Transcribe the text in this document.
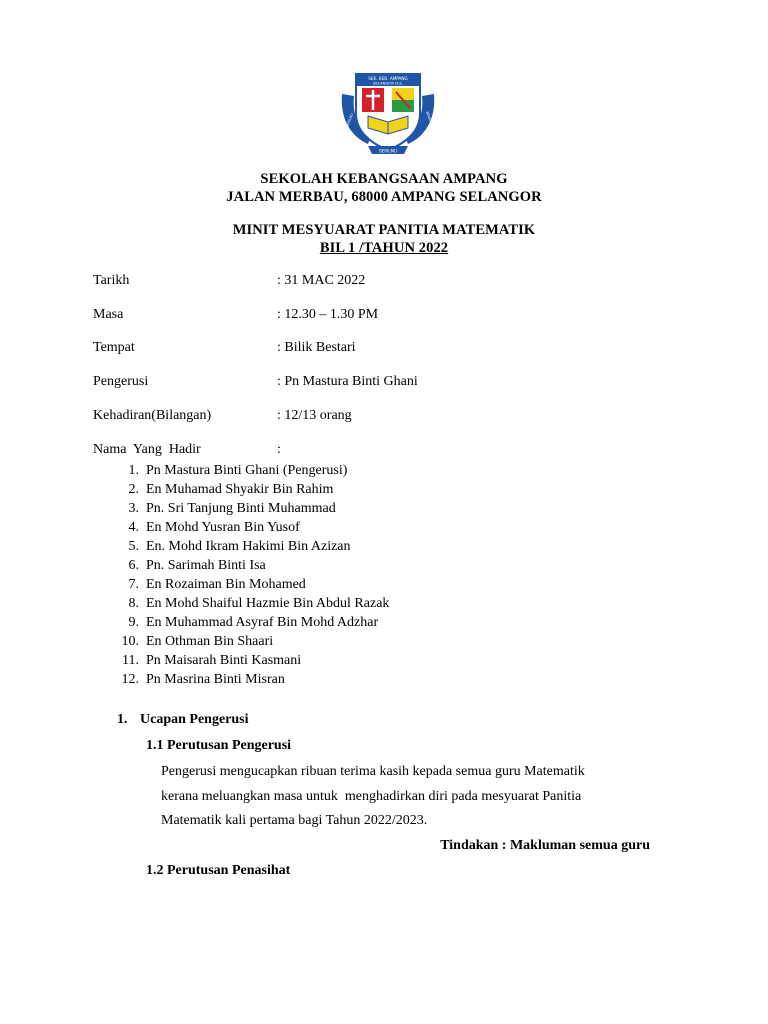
SEK. KEB. AMPANG
SELANGOR D.E.
BERILMU
BERILMU	BERAKHLAK
SEKOLAH KEBANGSAAN AMPANG
JALAN MERBAU, 68000 AMPANG SELANGOR
MINIT MESYUARAT PANITIA MATEMATIK
BIL 1 /TAHUN 2022
Tarikh	: 31 MAC 2022
Masa	: 12.30 – 1.30 PM
Tempat	: Bilik Bestari
Pengerusi	: Pn Mastura Binti Ghani
Kehadiran(Bilangan)	: 12/13 orang
Nama  Yang  Hadir	:
1. Pn Mastura Binti Ghani (Pengerusi)
2. En Muhamad Shyakir Bin Rahim
3. Pn. Sri Tanjung Binti Muhammad
4. En Mohd Yusran Bin Yusof
5. En. Mohd Ikram Hakimi Bin Azizan
6. Pn. Sarimah Binti Isa
7. En Rozaiman Bin Mohamed
8. En Mohd Shaiful Hazmie Bin Abdul Razak
9. En Muhammad Asyraf Bin Mohd Adzhar
10. En Othman Bin Shaari
11. Pn Maisarah Binti Kasmani
12. Pn Masrina Binti Misran
1. Ucapan Pengerusi
1.1 Perutusan Pengerusi
Pengerusi mengucapkan ribuan terima kasih kepada semua guru Matematik
kerana meluangkan masa untuk  menghadirkan diri pada mesyuarat Panitia
Matematik kali pertama bagi Tahun 2022/2023.
Tindakan : Makluman semua guru
1.2 Perutusan Penasihat
